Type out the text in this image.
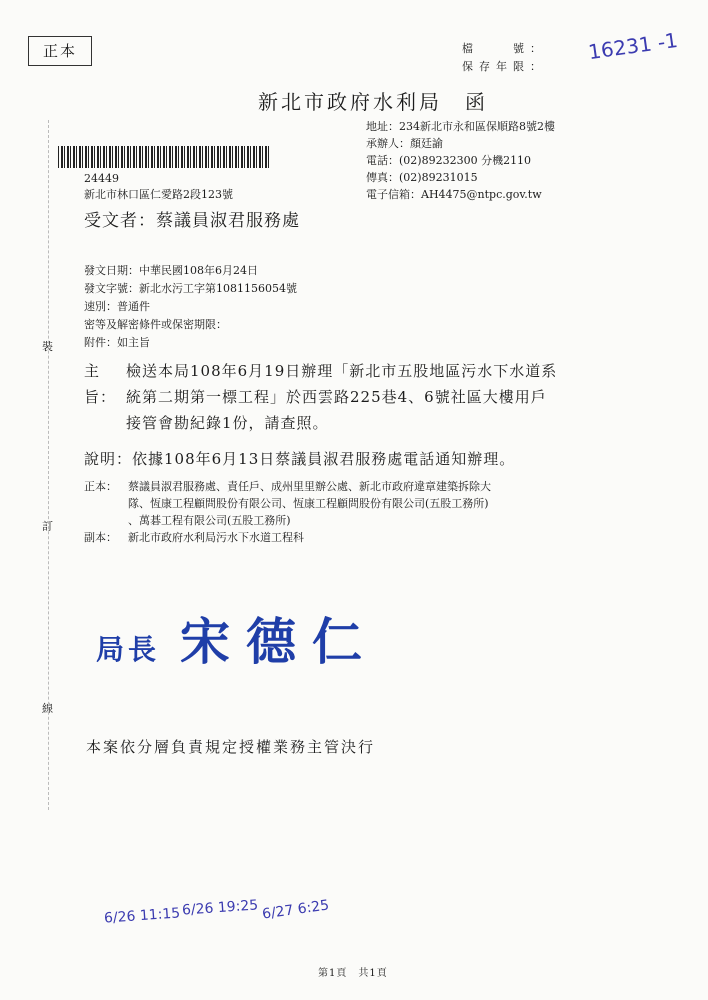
正本	檔　　號：
保存年限：
16231 -1
新北市政府水利局　函
地址：234新北市永和區保順路8號2樓
承辦人：顏廷諭
電話：(02)89232300 分機2110
傳真：(02)89231015
電子信箱：AH4475@ntpc.gov.tw
24449
新北市林口區仁愛路2段123號
受文者：蔡議員淑君服務處
發文日期：中華民國108年6月24日
發文字號：新北水污工字第1081156054號
速別：普通件
密等及解密條件或保密期限：
附件：如主旨
主旨：
檢送本局108年6月19日辦理「新北市五股地區污水下水道系
統第二期第一標工程」於西雲路225巷4、6號社區大樓用戶
接管會勘紀錄1份，請查照。
說明：依據108年6月13日蔡議員淑君服務處電話通知辦理。
正本：	蔡議員淑君服務處、責任戶、成州里里辦公處、新北市政府違章建築拆除大
隊、恆康工程顧問股份有限公司、恆康工程顧問股份有限公司(五股工務所)
、萬碁工程有限公司(五股工務所)
副本：	新北市政府水利局污水下水道工程科
局長 宋德仁
本案依分層負責規定授權業務主管決行
裝
訂
線
6/26 11:15 6/26 19:25 6/27 6:25
第1頁　共1頁
